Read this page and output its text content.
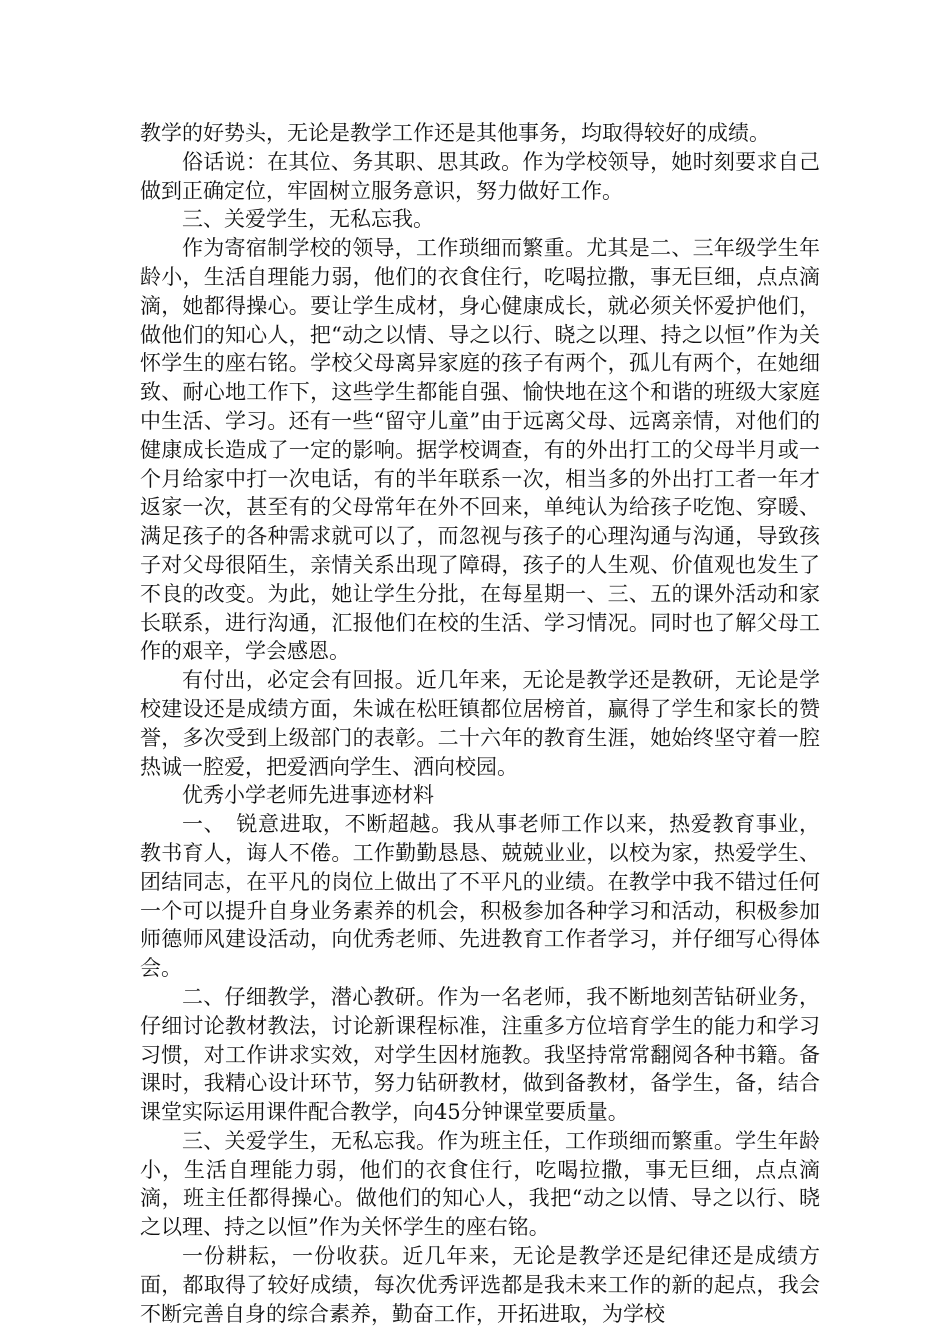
教学的好势头，无论是教学工作还是其他事务，均取得较好的成绩。

俗话说：在其位、务其职、思其政。作为学校领导，她时刻要求自己做到正确定位，牢固树立服务意识，努力做好工作。

三、关爱学生，无私忘我。

作为寄宿制学校的领导，工作琐细而繁重。尤其是二、三年级学生年龄小，生活自理能力弱，他们的衣食住行，吃喝拉撒，事无巨细，点点滴滴，她都得操心。要让学生成材，身心健康成长，就必须关怀爱护他们，做他们的知心人，把“动之以情、导之以行、晓之以理、持之以恒”作为关怀学生的座右铭。学校父母离异家庭的孩子有两个，孤儿有两个，在她细致、耐心地工作下，这些学生都能自强、愉快地在这个和谐的班级大家庭中生活、学习。还有一些“留守儿童”由于远离父母、远离亲情，对他们的健康成长造成了一定的影响。据学校调查，有的外出打工的父母半月或一个月给家中打一次电话，有的半年联系一次，相当多的外出打工者一年才返家一次，甚至有的父母常年在外不回来，单纯认为给孩子吃饱、穿暖、满足孩子的各种需求就可以了，而忽视与孩子的心理沟通与沟通，导致孩子对父母很陌生，亲情关系出现了障碍，孩子的人生观、价值观也发生了不良的改变。为此，她让学生分批，在每星期一、三、五的课外活动和家长联系，进行沟通，汇报他们在校的生活、学习情况。同时也了解父母工作的艰辛，学会感恩。

有付出，必定会有回报。近几年来，无论是教学还是教研，无论是学校建设还是成绩方面，朱诚在松旺镇都位居榜首，赢得了学生和家长的赞誉，多次受到上级部门的表彰。二十六年的教育生涯，她始终坚守着一腔热诚一腔爱，把爱洒向学生、洒向校园。

优秀小学老师先进事迹材料

一、　锐意进取，不断超越。我从事老师工作以来，热爱教育事业，教书育人，诲人不倦。工作勤勤恳恳、兢兢业业，以校为家，热爱学生、团结同志，在平凡的岗位上做出了不平凡的业绩。在教学中我不错过任何一个可以提升自身业务素养的机会，积极参加各种学习和活动，积极参加师德师风建设活动，向优秀老师、先进教育工作者学习，并仔细写心得体会。

二、仔细教学，潜心教研。作为一名老师，我不断地刻苦钻研业务，仔细讨论教材教法，讨论新课程标准，注重多方位培育学生的能力和学习习惯，对工作讲求实效，对学生因材施教。我坚持常常翻阅各种书籍。备课时，我精心设计环节，努力钻研教材，做到备教材，备学生，备，结合课堂实际运用课件配合教学，向45分钟课堂要质量。

三、关爱学生，无私忘我。作为班主任，工作琐细而繁重。学生年龄小，生活自理能力弱，他们的衣食住行，吃喝拉撒，事无巨细，点点滴滴，班主任都得操心。做他们的知心人，我把“动之以情、导之以行、晓之以理、持之以恒”作为关怀学生的座右铭。

一份耕耘，一份收获。近几年来，无论是教学还是纪律还是成绩方面，都取得了较好成绩，每次优秀评选都是我未来工作的新的起点，我会不断完善自身的综合素养，勤奋工作，开拓进取，为学校
